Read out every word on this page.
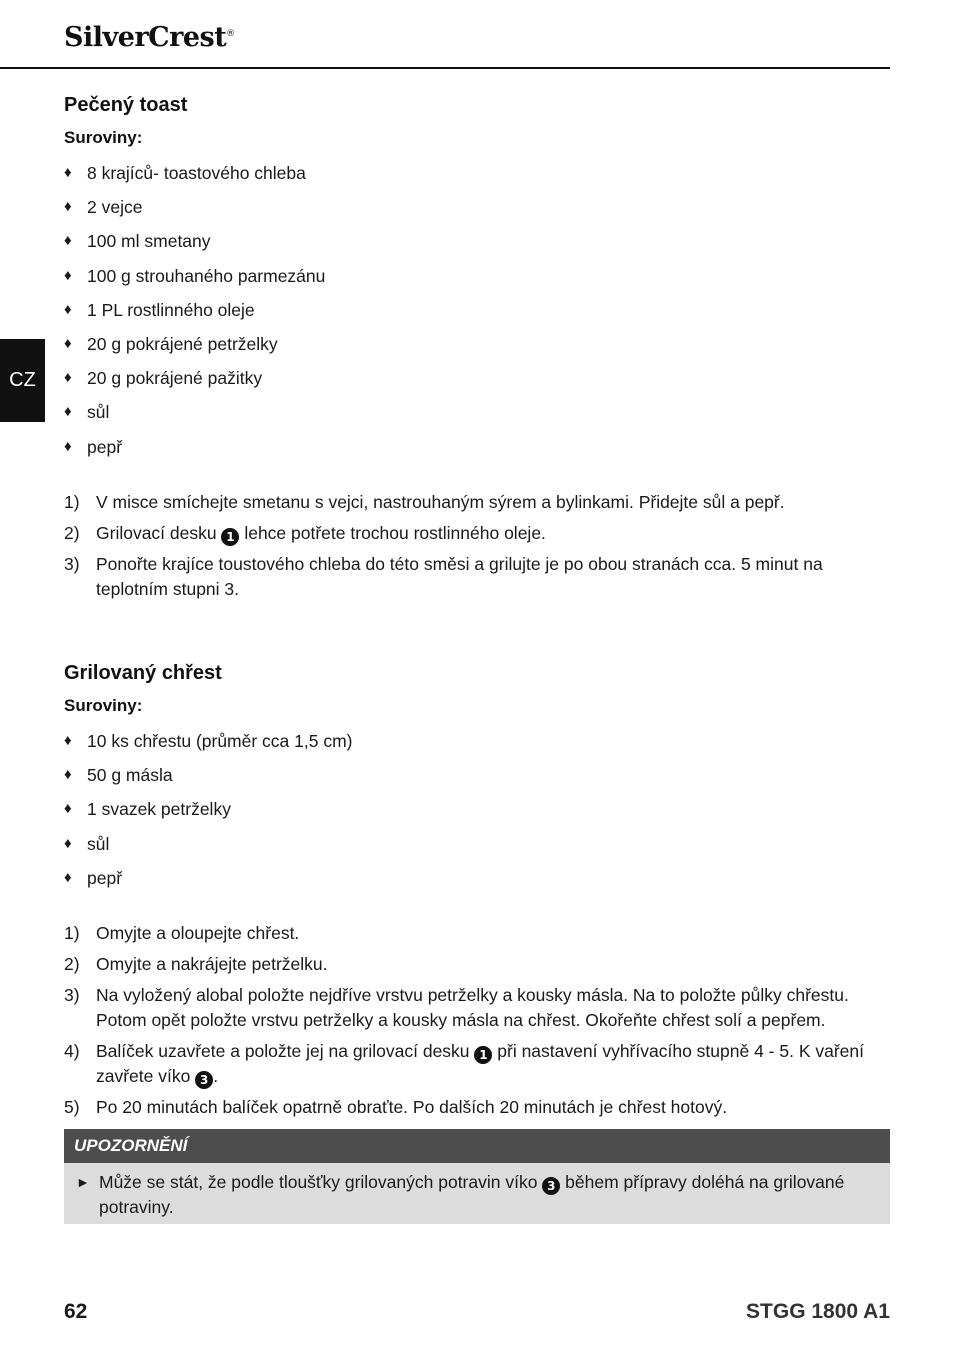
SilverCrest®
CZ
Pečený toast
Suroviny:
♦ 8 krajíců- toastového chleba
♦ 2 vejce
♦ 100 ml smetany
♦ 100 g strouhaného parmezánu
♦ 1 PL rostlinného oleje
♦ 20 g pokrájené petrželky
♦ 20 g pokrájené pažitky
♦ sůl
♦ pepř
1) V misce smíchejte smetanu s vejci, nastrouhaným sýrem a bylinkami. Přidejte sůl a pepř.
2) Grilovací desku 1 lehce potřete trochou rostlinného oleje.
3) Ponořte krajíce toustového chleba do této směsi a grilujte je po obou stranách cca. 5 minut na teplotním stupni 3.
Grilovaný chřest
Suroviny:
♦ 10 ks chřestu (průměr cca 1,5 cm)
♦ 50 g másla
♦ 1 svazek petrželky
♦ sůl
♦ pepř
1) Omyjte a oloupejte chřest.
2) Omyjte a nakrájejte petrželku.
3) Na vyložený alobal položte nejdříve vrstvu petrželky a kousky másla. Na to položte půlky chřestu. Potom opět položte vrstvu petrželky a kousky másla na chřest. Okořeňte chřest solí a pepřem.
4) Balíček uzavřete a položte jej na grilovací desku 1 při nastavení vyhřívacího stupně 4 - 5. K vaření zavřete víko 3 .
5) Po 20 minutách balíček opatrně obraťte. Po dalších 20 minutách je chřest hotový.
UPOZORNĚNÍ
► Může se stát, že podle tloušťky grilovaných potravin víko 3 během přípravy doléhá na grilované potraviny.
62	STGG 1800 A1
